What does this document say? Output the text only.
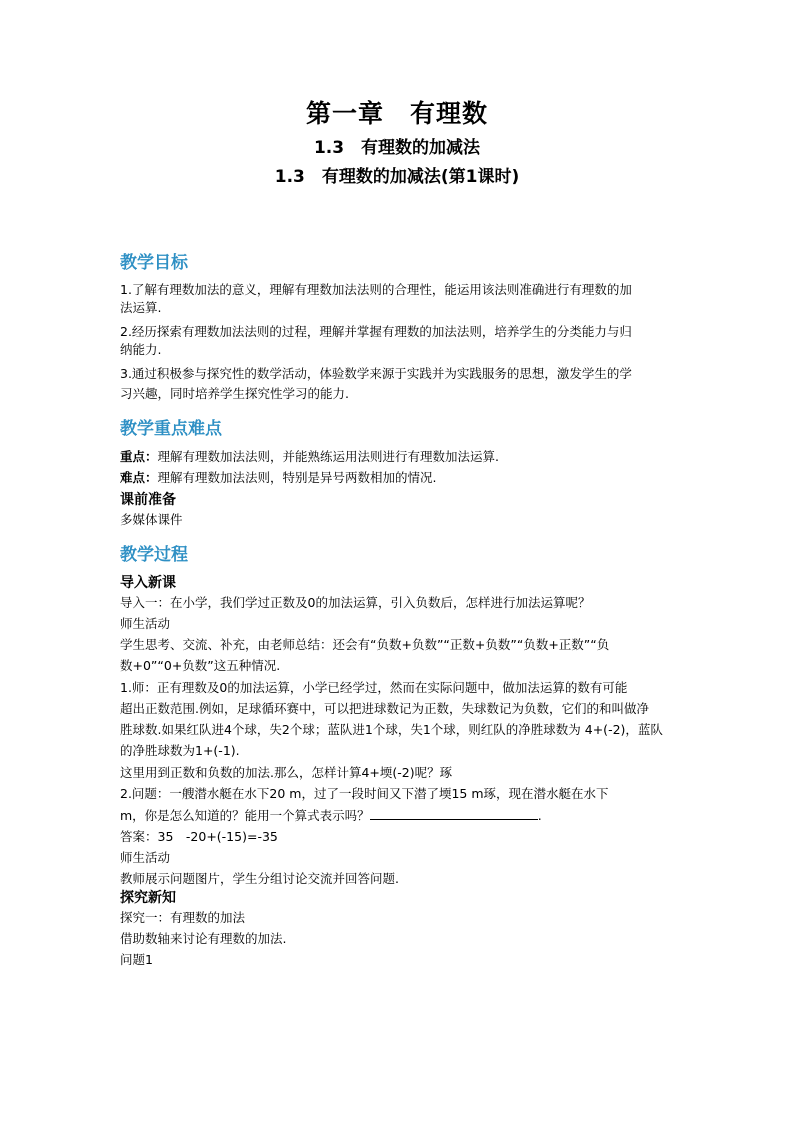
第一章　有理数
1.3　有理数的加减法
1.3　有理数的加减法(第1课时)
教学目标
1.了解有理数加法的意义，理解有理数加法法则的合理性，能运用该法则准确进行有理数的加
法运算.
2.经历探索有理数加法法则的过程，理解并掌握有理数的加法法则，培养学生的分类能力与归
纳能力.
3.通过积极参与探究性的数学活动，体验数学来源于实践并为实践服务的思想，激发学生的学
习兴趣，同时培养学生探究性学习的能力.
教学重点难点
重点：理解有理数加法法则，并能熟练运用法则进行有理数加法运算.
难点：理解有理数加法法则，特别是异号两数相加的情况.
课前准备
多媒体课件
教学过程
导入新课
导入一：在小学，我们学过正数及0的加法运算，引入负数后，怎样进行加法运算呢？
师生活动
学生思考、交流、补充，由老师总结：还会有“负数+负数”“正数+负数”“负数+正数”“负
数+0”“0+负数”这五种情况.
1.师：正有理数及0的加法运算，小学已经学过，然而在实际问题中，做加法运算的数有可能
超出正数范围.例如，足球循环赛中，可以把进球数记为正数，失球数记为负数，它们的和叫做净
胜球数.如果红队进4个球，失2个球；蓝队进1个球，失1个球，则红队的净胜球数为 4+(-2)，蓝队
的净胜球数为1+(-1).
这里用到正数和负数的加法.那么，怎样计算4+堧(-2)呢？琢
2.问题：一艘潜水艇在水下20 m，过了一段时间又下潜了堧15 m琢，现在潜水艇在水下
m，你是怎么知道的？能用一个算式表示吗？	.
答案：35　-20+(-15)=-35
师生活动
教师展示问题图片，学生分组讨论交流并回答问题.
探究新知
探究一：有理数的加法
借助数轴来讨论有理数的加法.
问题1
